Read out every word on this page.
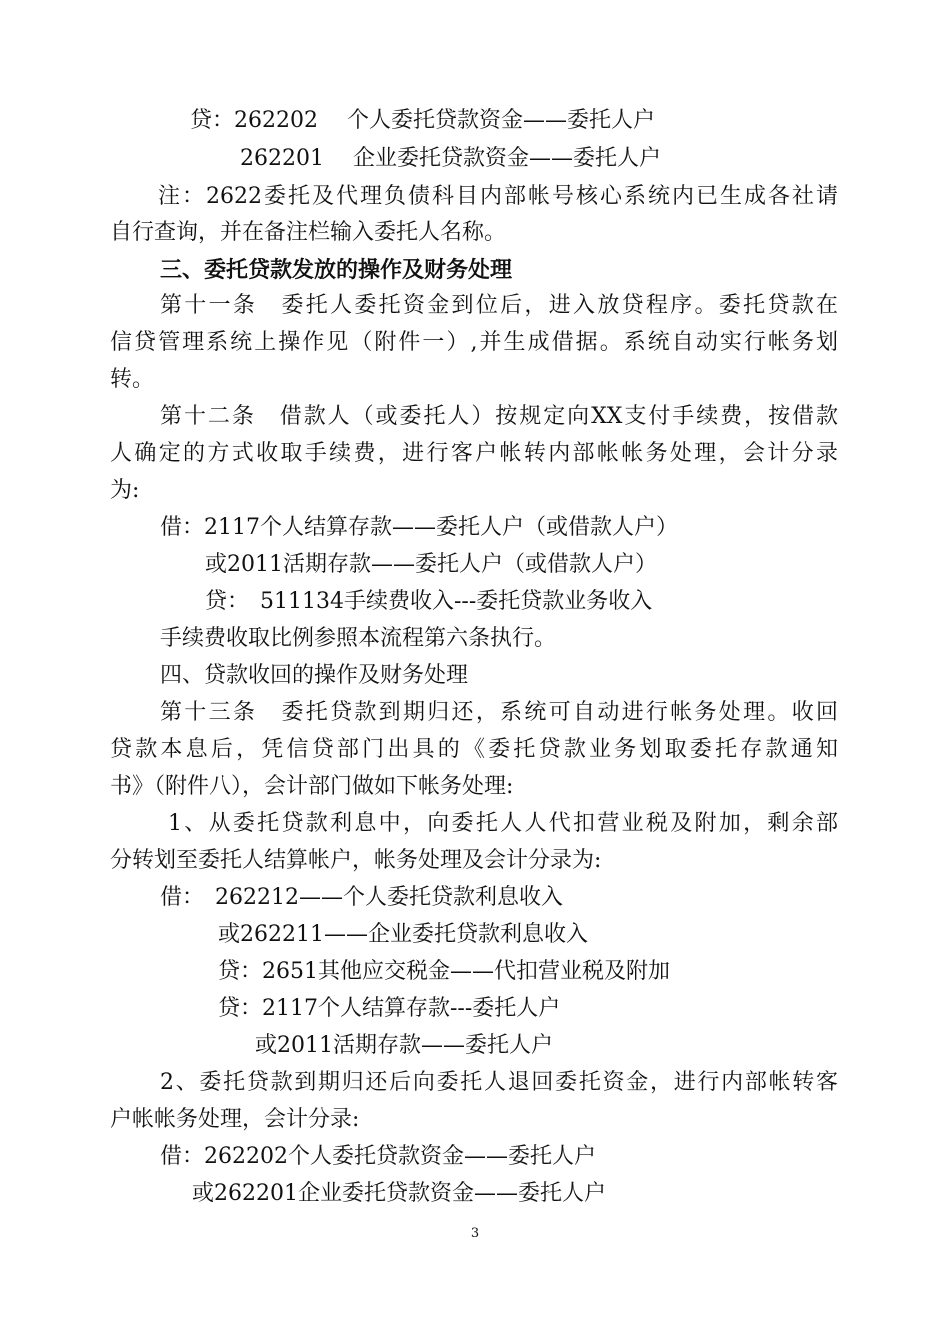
贷：262202　 个人委托贷款资金——委托人户
262201　 企业委托贷款资金——委托人户
注：2622委托及代理负债科目内部帐号核心系统内已生成各社请
自行查询，并在备注栏输入委托人名称。
三、委托贷款发放的操作及财务处理
第十一条　委托人委托资金到位后，进入放贷程序。委托贷款在
信贷管理系统上操作见（附件一）,并生成借据。系统自动实行帐务划
转。
第十二条　借款人（或委托人）按规定向XX支付手续费，按借款
人确定的方式收取手续费，进行客户帐转内部帐帐务处理，会计分录
为:
借：2117个人结算存款——委托人户（或借款人户）
或2011活期存款——委托人户（或借款人户）
贷：　511134手续费收入---委托贷款业务收入
手续费收取比例参照本流程第六条执行。
四、贷款收回的操作及财务处理
第十三条　委托贷款到期归还，系统可自动进行帐务处理。收回
贷款本息后，凭信贷部门出具的《委托贷款业务划取委托存款通知
书》（附件八），会计部门做如下帐务处理:
1、从委托贷款利息中，向委托人人代扣营业税及附加，剩余部
分转划至委托人结算帐户，帐务处理及会计分录为:
借：　262212——个人委托贷款利息收入
或262211——企业委托贷款利息收入
贷：2651其他应交税金——代扣营业税及附加
贷：2117个人结算存款---委托人户
或2011活期存款——委托人户
2、委托贷款到期归还后向委托人退回委托资金，进行内部帐转客
户帐帐务处理，会计分录:
借：262202个人委托贷款资金——委托人户
或262201企业委托贷款资金——委托人户
3
